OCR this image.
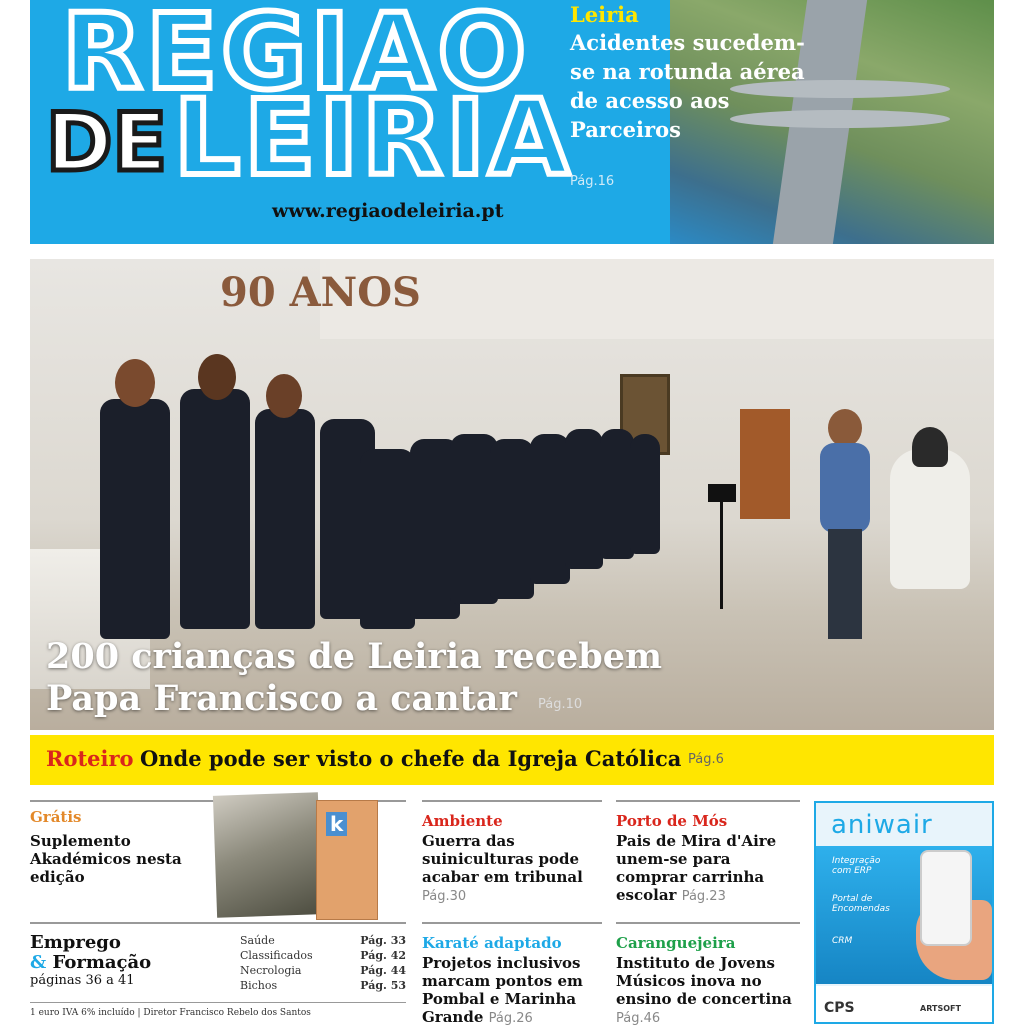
REGIAO
DE LEIRIA
www.regiaodeleiria.pt
Leiria
Acidentes sucedem-se na rotunda aérea de acesso aos Parceiros
Pág.16
90 ANOS
200 crianças de Leiria recebem
Papa Francisco a cantar	Pág.10
Roteiro Onde pode ser visto o chefe da Igreja Católica Pág.6
Grátis
Suplemento Akadémicos nesta edição
k
Emprego
& Formação
páginas 36 a 41
Saúde	Pág. 33
Classificados	Pág. 42
Necrologia	Pág. 44
Bichos	Pág. 53
1 euro IVA 6% incluído | Diretor Francisco Rebelo dos Santos
Ambiente
Guerra das suiniculturas pode acabar em tribunal Pág.30
Porto de Mós
Pais de Mira d'Aire unem-se para comprar carrinha escolar Pág.23
Karaté adaptado
Projetos inclusivos marcam pontos em Pombal e Marinha Grande Pág.26
Caranguejeira
Instituto de Jovens Músicos inova no ensino de concertina Pág.46
aniwair
Integração com ERP
Portal de Encomendas
CRM
CPS	ARTSOFT
